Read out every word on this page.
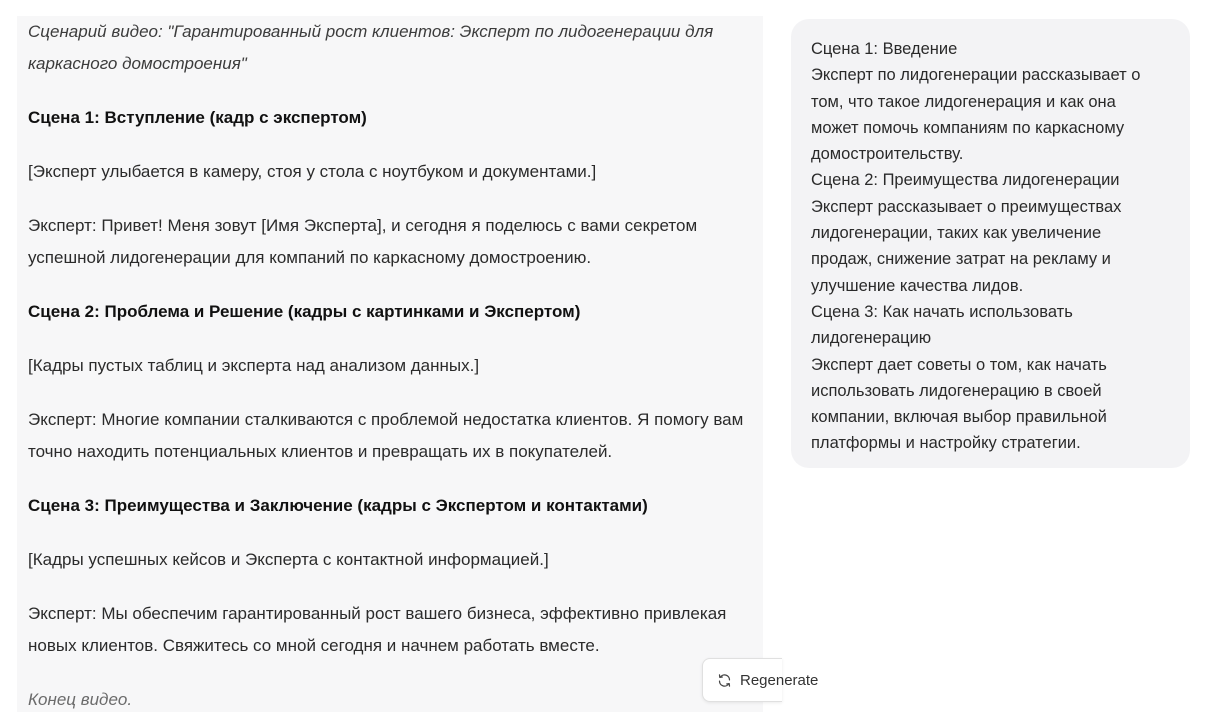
Сценарий видео: "Гарантированный рост клиентов: Эксперт по лидогенерации для каркасного домостроения"

Сцена 1: Вступление (кадр с экспертом)

[Эксперт улыбается в камеру, стоя у стола с ноутбуком и документами.]

Эксперт: Привет! Меня зовут [Имя Эксперта], и сегодня я поделюсь с вами секретом успешной лидогенерации для компаний по каркасному домостроению.

Сцена 2: Проблема и Решение (кадры с картинками и Экспертом)

[Кадры пустых таблиц и эксперта над анализом данных.]

Эксперт: Многие компании сталкиваются с проблемой недостатка клиентов. Я помогу вам точно находить потенциальных клиентов и превращать их в покупателей.

Сцена 3: Преимущества и Заключение (кадры с Экспертом и контактами)

[Кадры успешных кейсов и Эксперта с контактной информацией.]

Эксперт: Мы обеспечим гарантированный рост вашего бизнеса, эффективно привлекая новых клиентов. Свяжитесь со мной сегодня и начнем работать вместе.

Конец видео.

Regenerate
Сцена 1: Введение
Эксперт по лидогенерации рассказывает о
том, что такое лидогенерация и как она
может помочь компаниям по каркасному
домостроительству.
Сцена 2: Преимущества лидогенерации
Эксперт рассказывает о преимуществах
лидогенерации, таких как увеличение
продаж, снижение затрат на рекламу и
улучшение качества лидов.
Сцена 3: Как начать использовать
лидогенерацию
Эксперт дает советы о том, как начать
использовать лидогенерацию в своей
компании, включая выбор правильной
платформы и настройку стратегии.
